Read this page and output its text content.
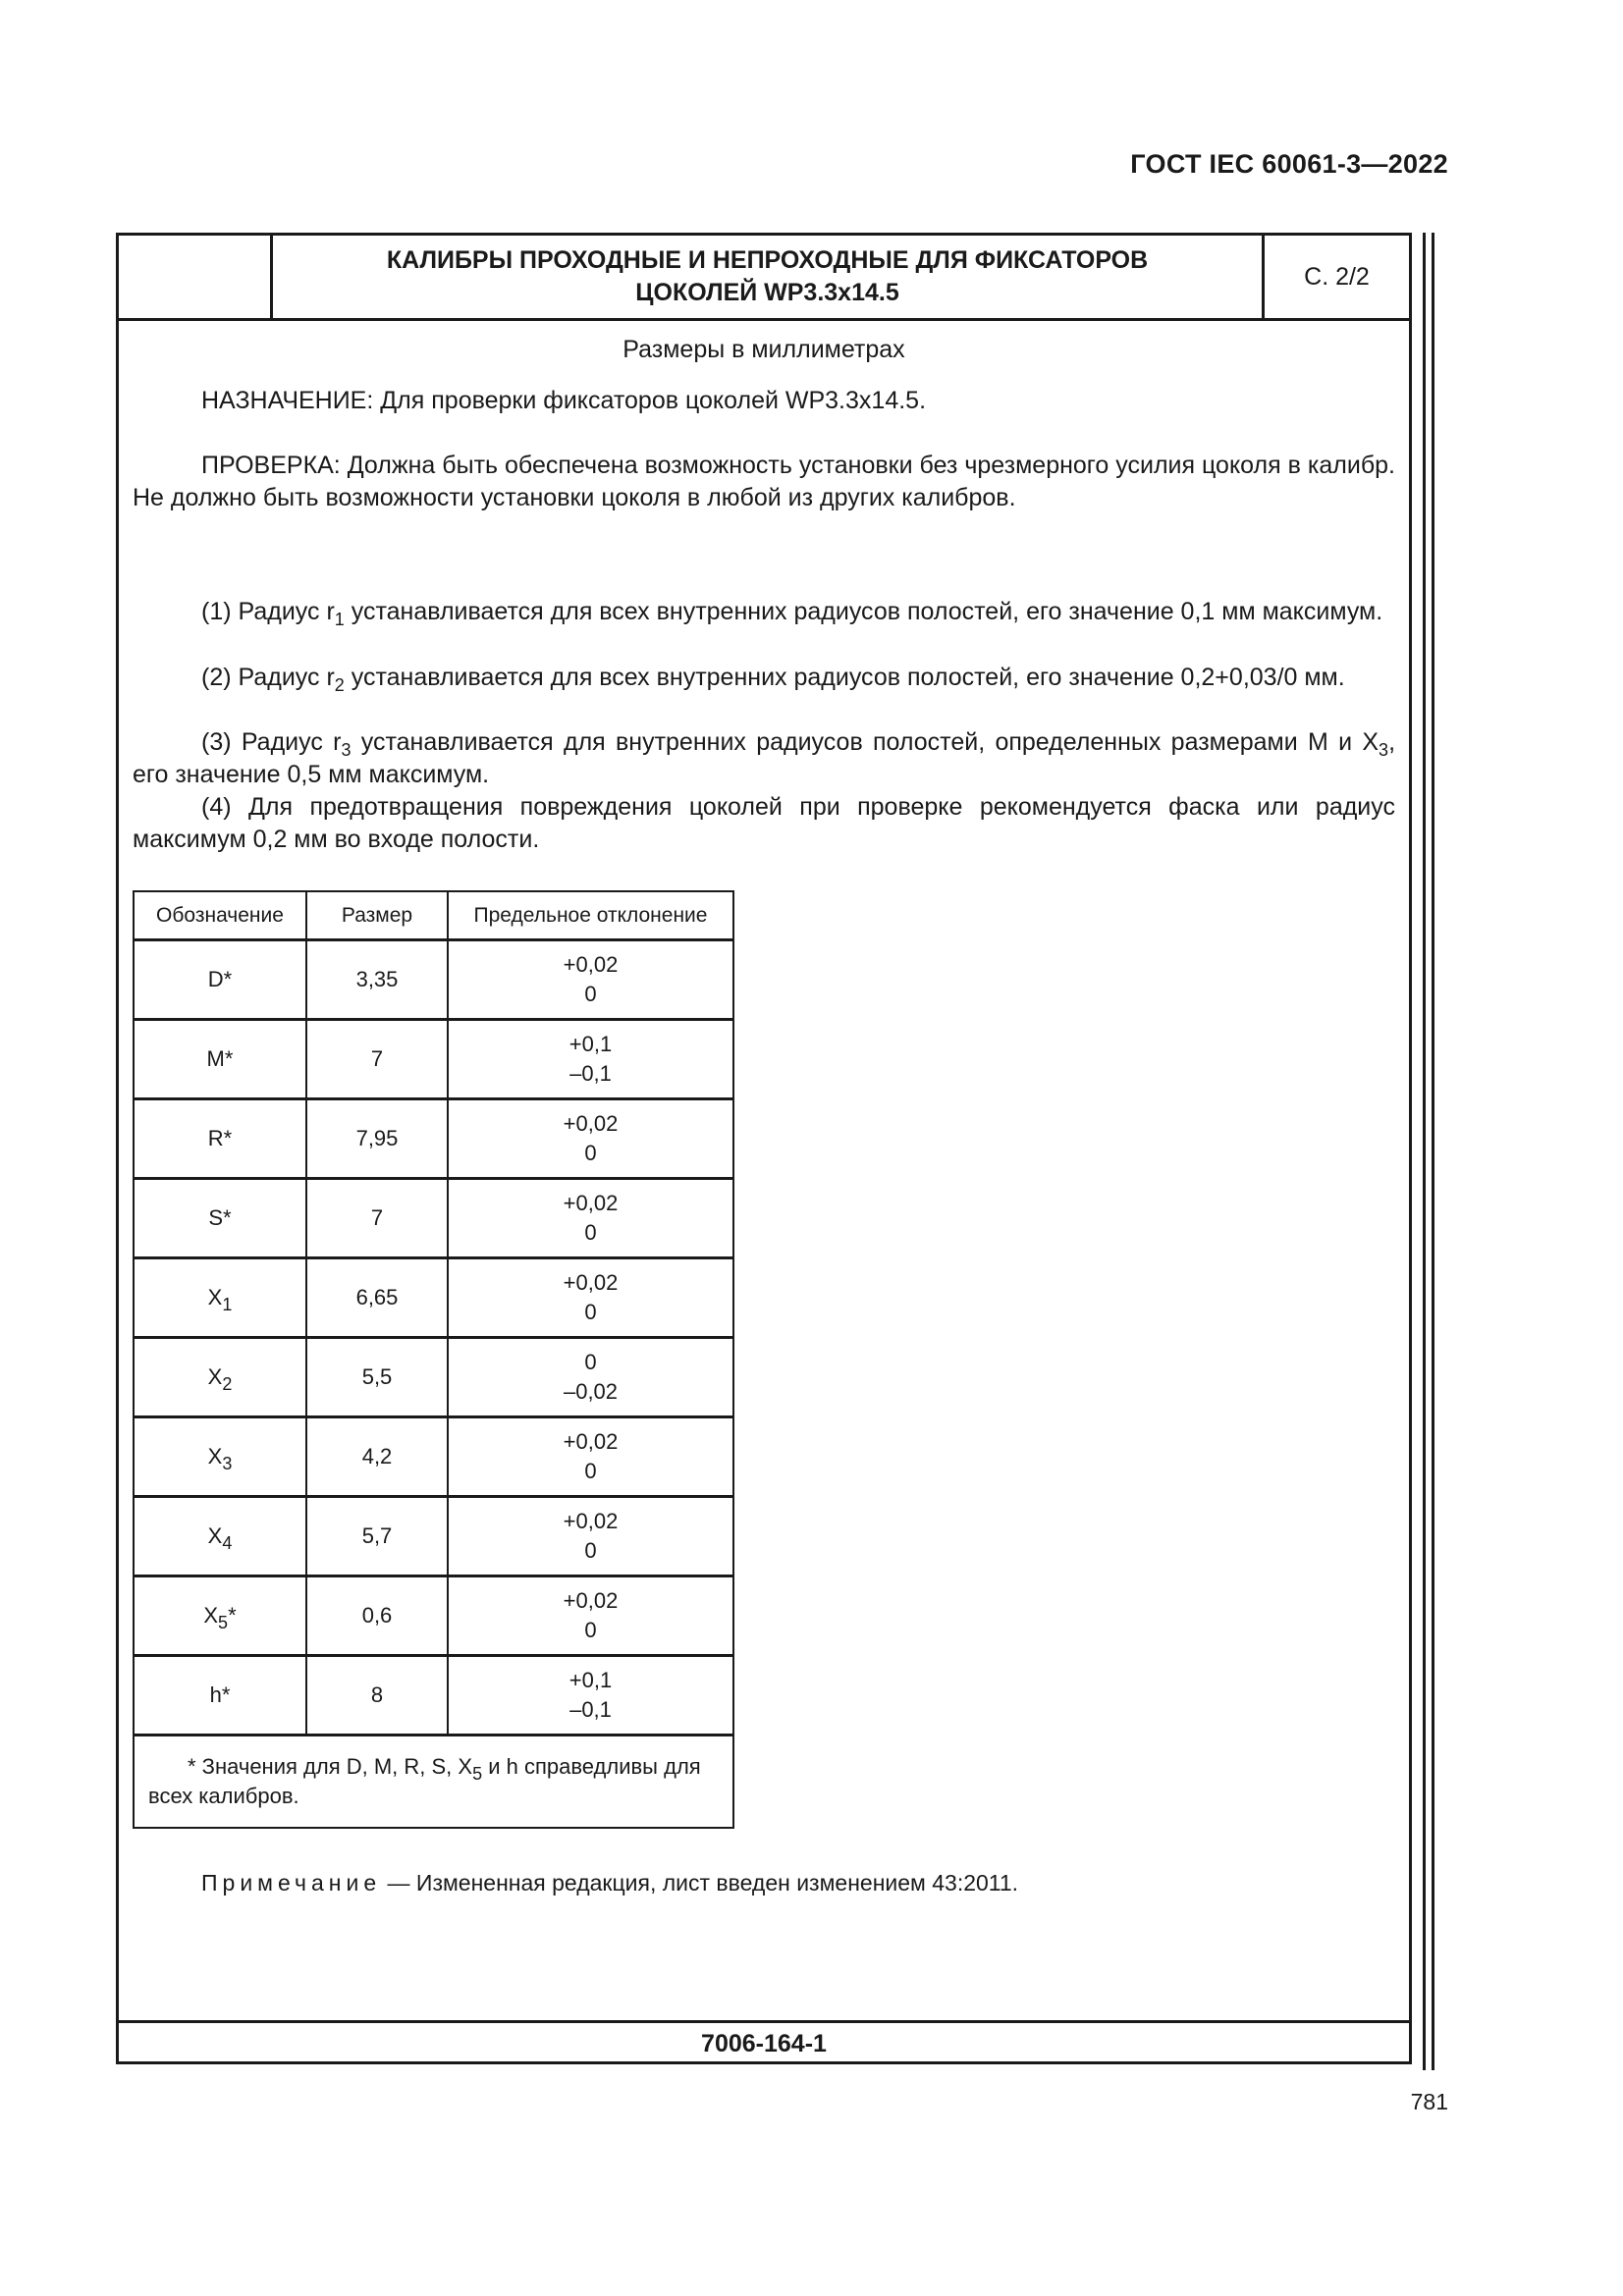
ГОСТ IEC 60061-3—2022
КАЛИБРЫ ПРОХОДНЫЕ И НЕПРОХОДНЫЕ ДЛЯ ФИКСАТОРОВ
ЦОКОЛЕЙ WP3.3x14.5
С. 2/2
Размеры в миллиметрах

НАЗНАЧЕНИЕ: Для проверки фиксаторов цоколей WP3.3x14.5.

ПРОВЕРКА: Должна быть обеспечена возможность установки без чрезмерного усилия цоколя в калибр. Не должно быть возможности установки цоколя в любой из других калибров.

(1) Радиус $r_1$ устанавливается для всех внутренних радиусов полостей, его значение 0,1 мм максимум.

(2) Радиус $r_2$ устанавливается для всех внутренних радиусов полостей, его значение 0,2+0,03/0 мм.

(3) Радиус $r_3$ устанавливается для внутренних радиусов полостей, определенных размерами М и $X_3$, его значение 0,5 мм максимум.

(4) Для предотвращения повреждения цоколей при проверке рекомендуется фаска или радиус максимум 0,2 мм во входе полости.

Обозначение	Размер	Предельное отклонение
D*	3,35	+0,02
0

M*	7	+0,1
–0,1

R*	7,95	+0,02
0

S*	7	+0,02
0

$X_1$	6,65	+0,02
0

$X_2$	5,5	0
–0,02

$X_3$	4,2	+0,02
0

$X_4$	5,7	+0,02
0

$X_5*$	0,6	+0,02
0

h*	8	+0,1
–0,1

* Значения для D, M, R, S, $X_5$ и h справедливы для всех калибров.		
Примечание — Измененная редакция, лист введен изменением 43:2011.
7006-164-1
781
